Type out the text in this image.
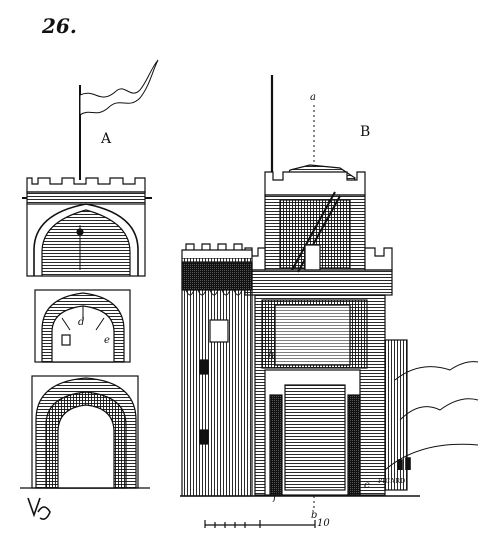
26.
A	B
a
b
f
c
d
e
h
10
PICARD
